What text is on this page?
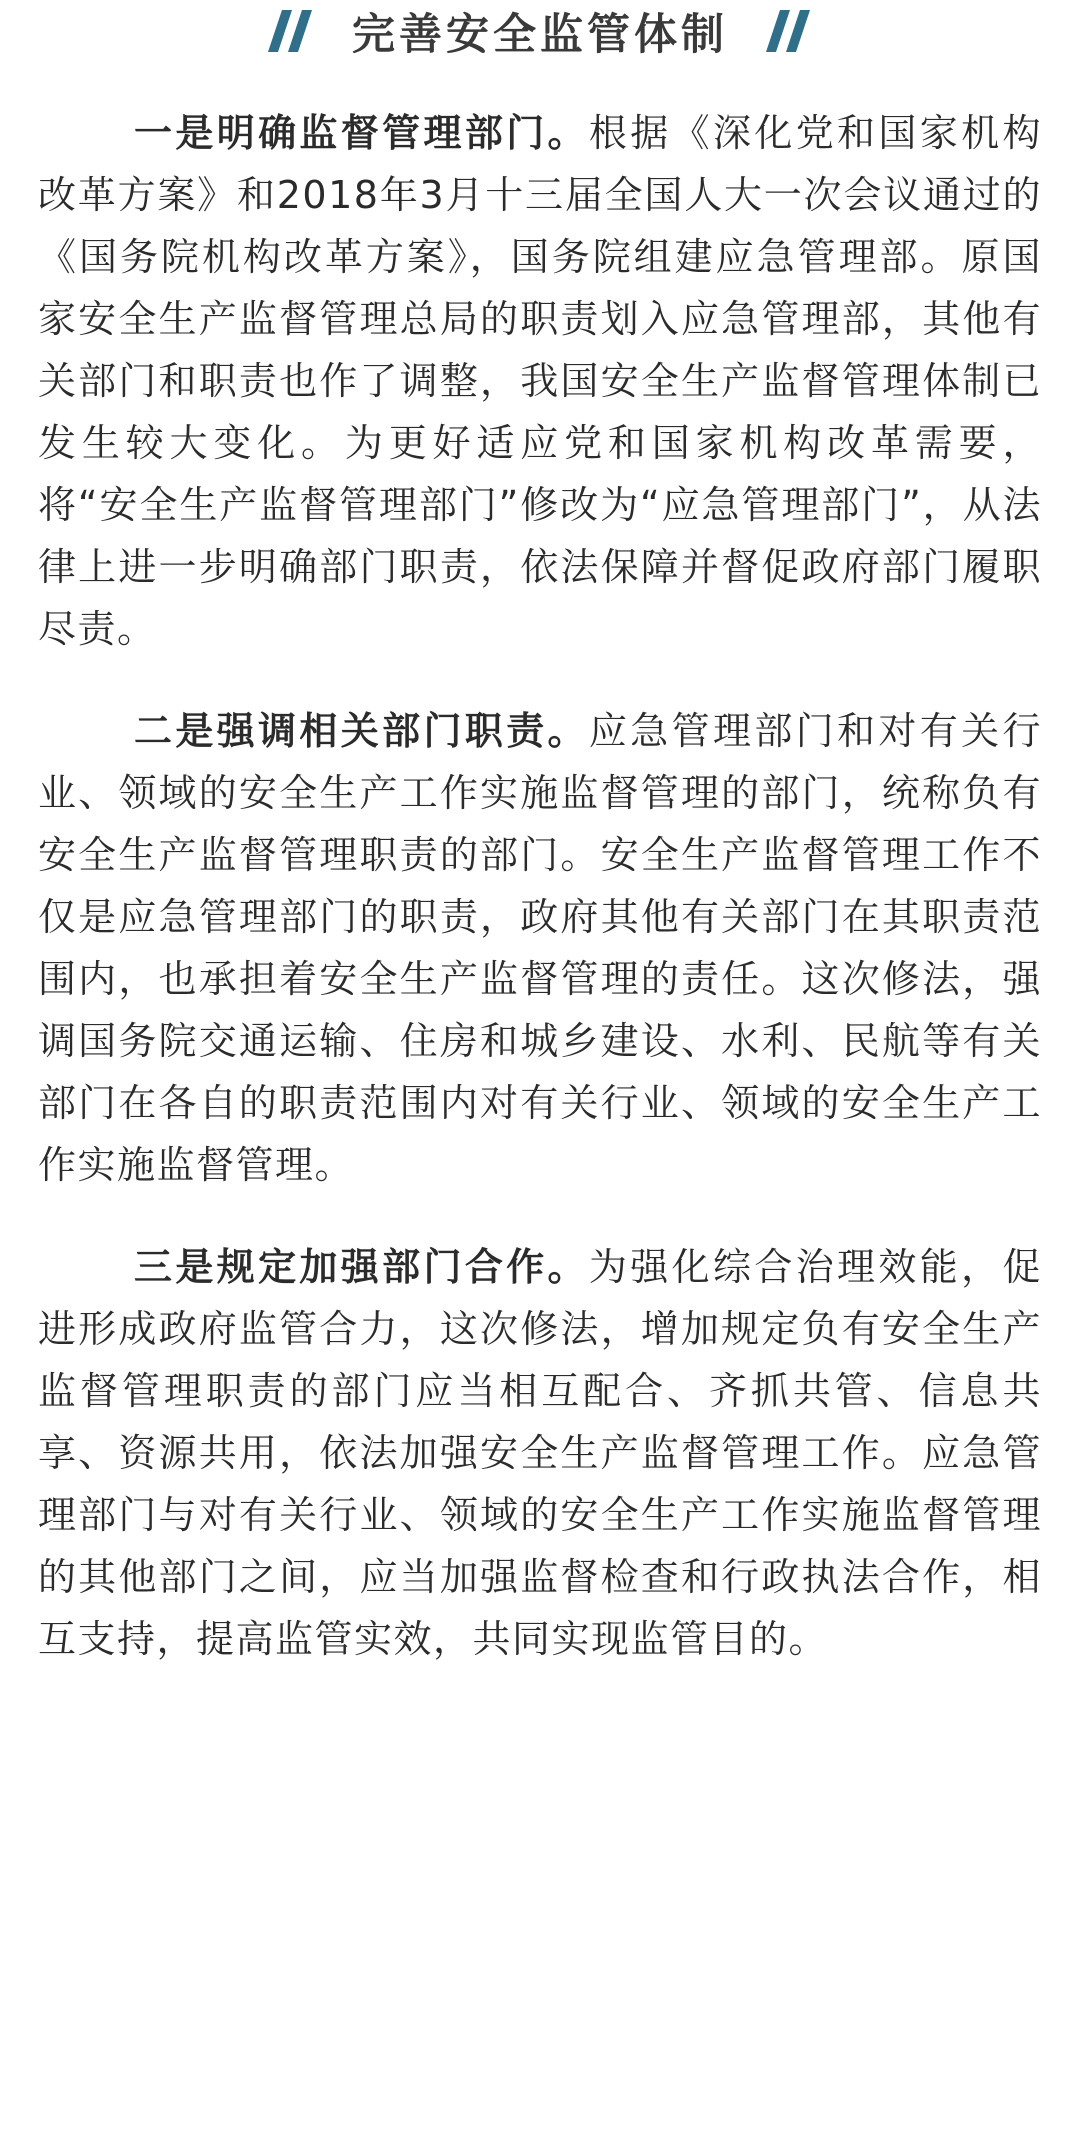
完善安全监管体制

一是明确监督管理部门。根据《深化党和国家机构改革方案》和2018年3月十三届全国人大一次会议通过的《国务院机构改革方案》，国务院组建应急管理部。原国家安全生产监督管理总局的职责划入应急管理部，其他有关部门和职责也作了调整，我国安全生产监督管理体制已发生较大变化。为更好适应党和国家机构改革需要，将“安全生产监督管理部门”修改为“应急管理部门”，从法律上进一步明确部门职责，依法保障并督促政府部门履职尽责。

二是强调相关部门职责。应急管理部门和对有关行业、领域的安全生产工作实施监督管理的部门，统称负有安全生产监督管理职责的部门。安全生产监督管理工作不仅是应急管理部门的职责，政府其他有关部门在其职责范围内，也承担着安全生产监督管理的责任。这次修法，强调国务院交通运输、住房和城乡建设、水利、民航等有关部门在各自的职责范围内对有关行业、领域的安全生产工作实施监督管理。

三是规定加强部门合作。为强化综合治理效能，促进形成政府监管合力，这次修法，增加规定负有安全生产监督管理职责的部门应当相互配合、齐抓共管、信息共享、资源共用，依法加强安全生产监督管理工作。应急管理部门与对有关行业、领域的安全生产工作实施监督管理的其他部门之间，应当加强监督检查和行政执法合作，相互支持，提高监管实效，共同实现监管目的。
